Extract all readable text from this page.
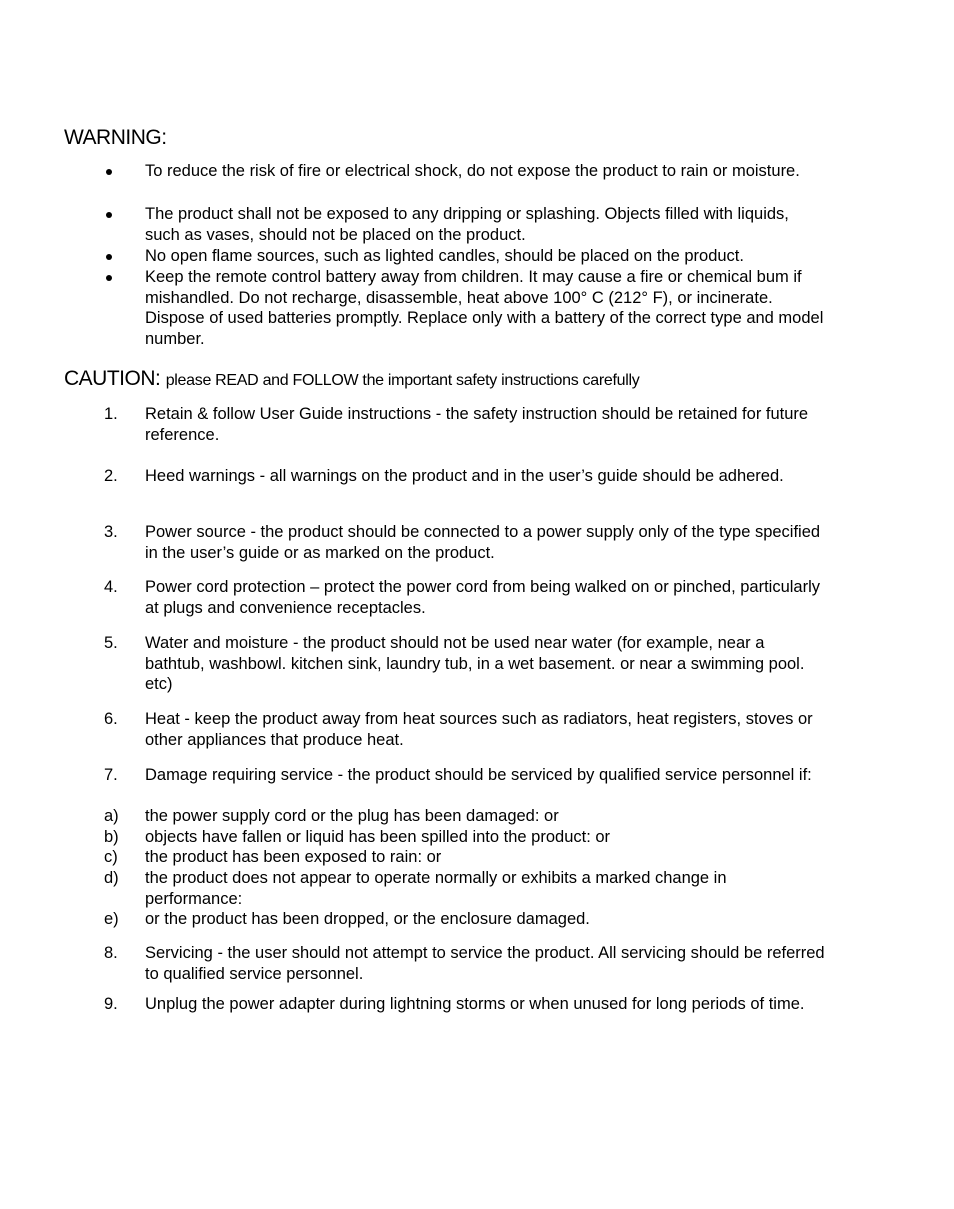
WARNING:
To reduce the risk of fire or electrical shock, do not expose the product to rain or moisture.
The product shall not be exposed to any dripping or splashing. Objects filled with liquids, such as vases, should not be placed on the product.
No open flame sources, such as lighted candles, should be placed on the product.
Keep the remote control battery away from children. It may cause a fire or chemical bum if mishandled. Do not recharge, disassemble, heat above 100° C (212° F), or incinerate. Dispose of used batteries promptly. Replace only with a battery of the correct type and model number.
CAUTION: please READ and FOLLOW the important safety instructions carefully
1.	Retain & follow User Guide instructions - the safety instruction should be retained for future reference.
2.	Heed warnings - all warnings on the product and in the user’s guide should be adhered.
3.	Power source - the product should be connected to a power supply only of the type specified in the user’s guide or as marked on the product.
4.	Power cord protection – protect the power cord from being walked on or pinched, particularly at plugs and convenience receptacles.
5.	Water and moisture - the product should not be used near water (for example, near a bathtub, washbowl. kitchen sink, laundry tub, in a wet basement. or near a swimming pool. etc)
6.	Heat - keep the product away from heat sources such as radiators, heat registers, stoves or other appliances that produce heat.
7.	Damage requiring service - the product should be serviced by qualified service personnel if:
a)	the power supply cord or the plug has been damaged: or
b)	objects have fallen or liquid has been spilled into the product: or
c)	the product has been exposed to rain: or
d)	the product does not appear to operate normally or exhibits a marked change in performance:
e)	or the product has been dropped, or the enclosure damaged.
8.	Servicing - the user should not attempt to service the product. All servicing should be referred to qualified service personnel.
9.	Unplug the power adapter during lightning storms or when unused for long periods of time.
